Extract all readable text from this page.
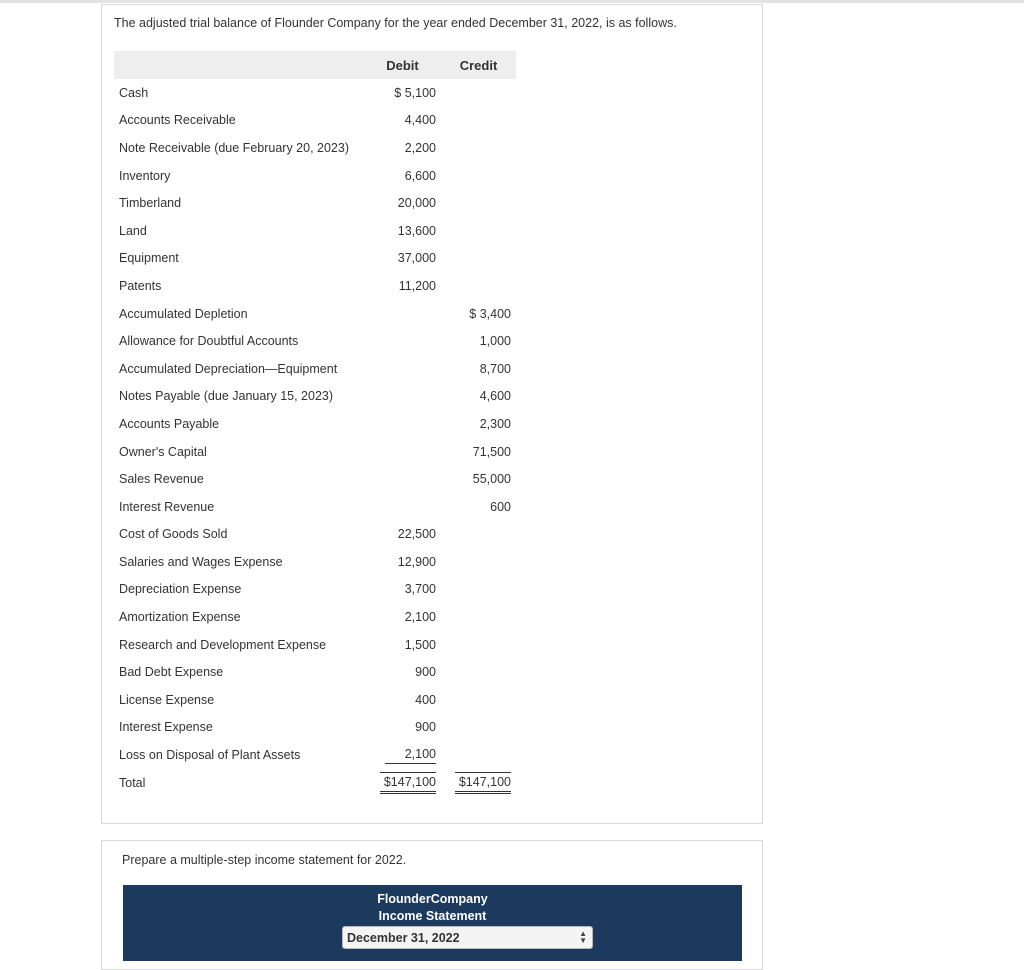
The adjusted trial balance of Flounder Company for the year ended December 31, 2022, is as follows.
	Debit	Credit
Cash	$ 5,100	
Accounts Receivable	4,400	
Note Receivable (due February 20, 2023)	2,200	
Inventory	6,600	
Timberland	20,000	
Land	13,600	
Equipment	37,000	
Patents	11,200	
Accumulated Depletion		$ 3,400
Allowance for Doubtful Accounts		1,000
Accumulated Depreciation—Equipment		8,700
Notes Payable (due January 15, 2023)		4,600
Accounts Payable		2,300
Owner's Capital		71,500
Sales Revenue		55,000
Interest Revenue		600
Cost of Goods Sold	22,500	
Salaries and Wages Expense	12,900	
Depreciation Expense	3,700	
Amortization Expense	2,100	
Research and Development Expense	1,500	
Bad Debt Expense	900	
License Expense	400	
Interest Expense	900	
Loss on Disposal of Plant Assets	2,100	
Total	$147,100	$147,100
Prepare a multiple-step income statement for 2022.
FlounderCompany
Income Statement
December 31, 2022	▲
▼
